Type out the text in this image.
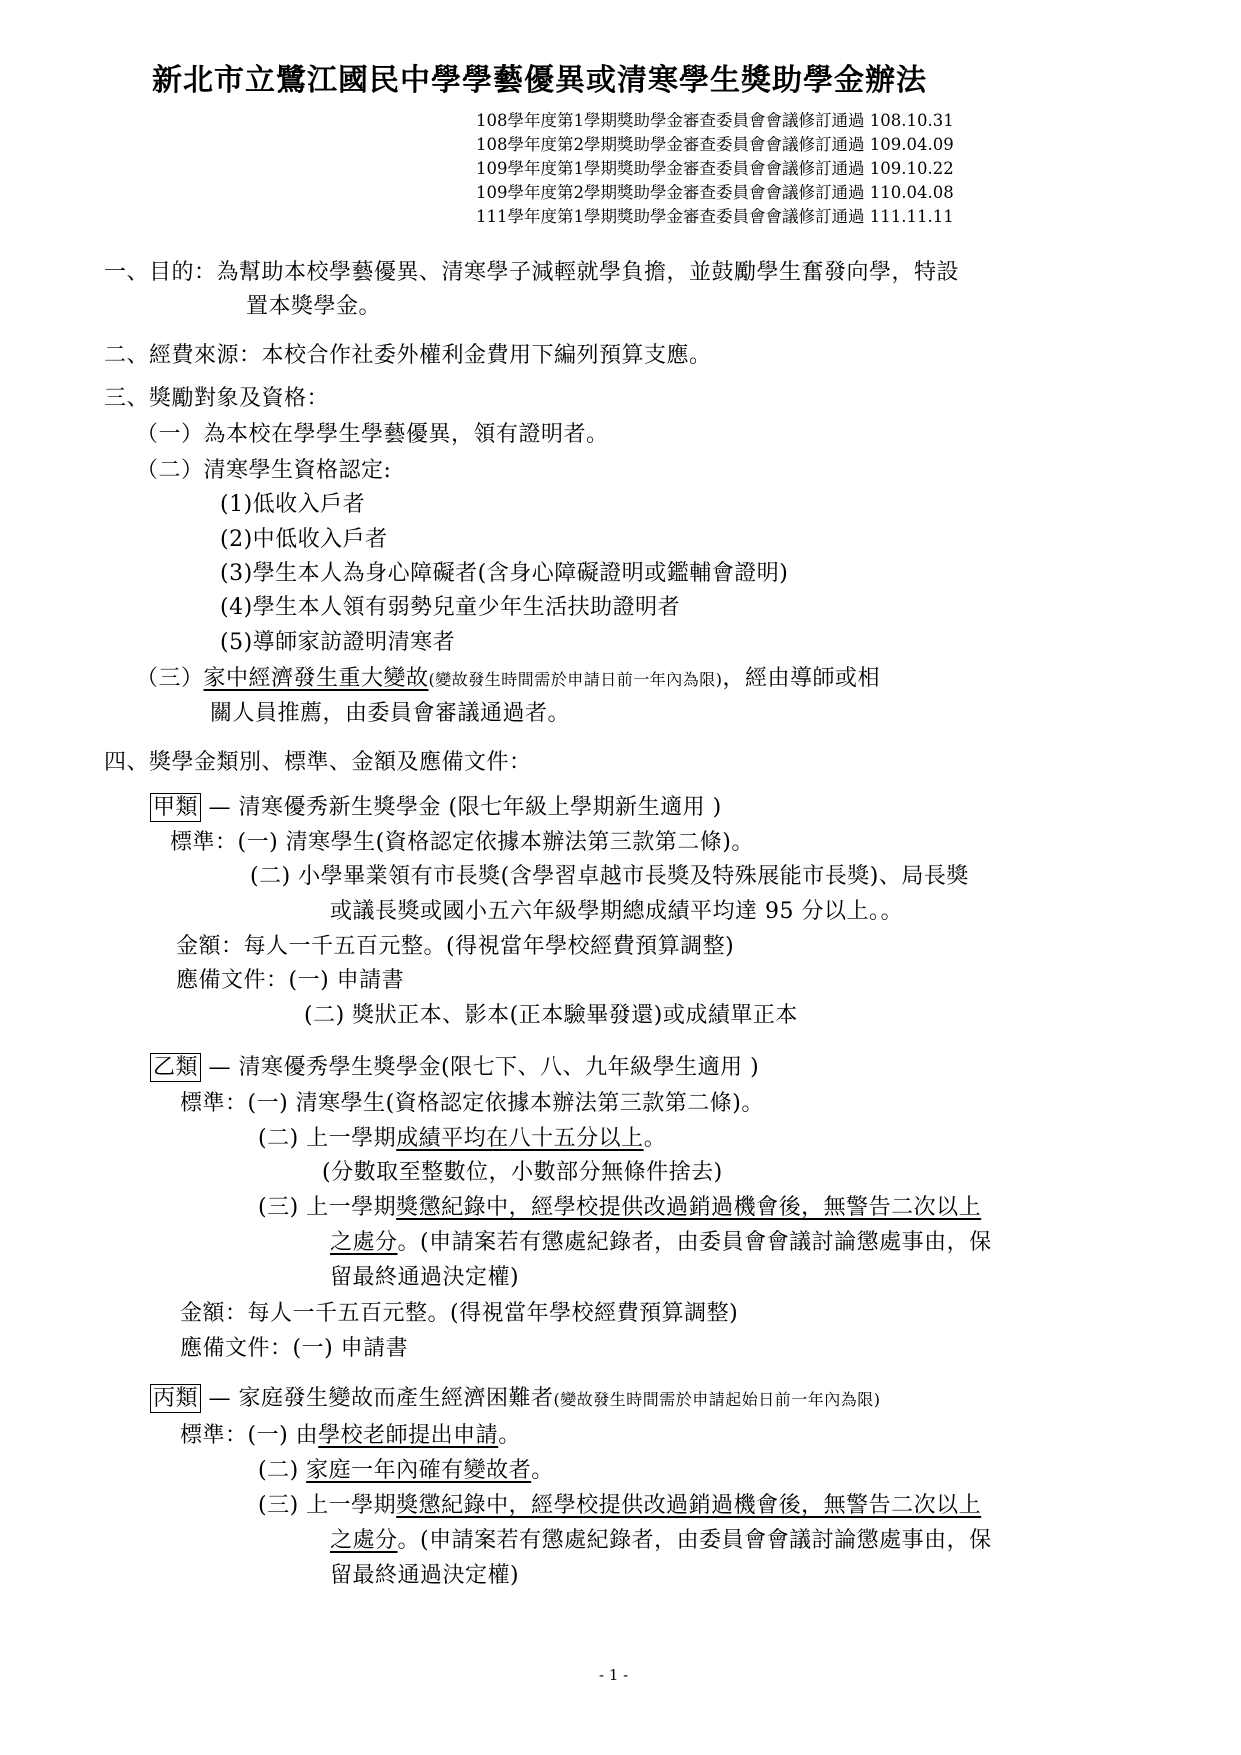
新北市立鷺江國民中學學藝優異或清寒學生獎助學金辦法
108學年度第1學期獎助學金審查委員會會議修訂通過 108.10.31
108學年度第2學期獎助學金審查委員會會議修訂通過 109.04.09
109學年度第1學期獎助學金審查委員會會議修訂通過 109.10.22
109學年度第2學期獎助學金審查委員會會議修訂通過 110.04.08
111學年度第1學期獎助學金審查委員會會議修訂通過 111.11.11
一、目的：為幫助本校學藝優異、清寒學子減輕就學負擔，並鼓勵學生奮發向學，特設
置本獎學金。
二、經費來源：本校合作社委外權利金費用下編列預算支應。
三、獎勵對象及資格：
（一）為本校在學學生學藝優異，領有證明者。
（二）清寒學生資格認定:
(1)低收入戶者
(2)中低收入戶者
(3)學生本人為身心障礙者(含身心障礙證明或鑑輔會證明)
(4)學生本人領有弱勢兒童少年生活扶助證明者
(5)導師家訪證明清寒者
（三）家中經濟發生重大變故(變故發生時間需於申請日前一年內為限)，經由導師或相
關人員推薦，由委員會審議通過者。
四、獎學金類別、標準、金額及應備文件：
甲類 — 清寒優秀新生獎學金 (限七年級上學期新生適用 )
標準：(一) 清寒學生(資格認定依據本辦法第三款第二條)。
(二) 小學畢業領有市長獎(含學習卓越市長獎及特殊展能市長獎)、局長獎
或議長獎或國小五六年級學期總成績平均達 95 分以上。。
金額：每人一千五百元整。(得視當年學校經費預算調整)
應備文件：(一) 申請書
(二) 獎狀正本、影本(正本驗畢發還)或成績單正本
乙類 — 清寒優秀學生獎學金(限七下、八、九年級學生適用 )
標準：(一) 清寒學生(資格認定依據本辦法第三款第二條)。
(二) 上一學期成績平均在八十五分以上。
(分數取至整數位，小數部分無條件捨去)
(三) 上一學期獎懲紀錄中，經學校提供改過銷過機會後，無警告二次以上
之處分。(申請案若有懲處紀錄者，由委員會會議討論懲處事由，保
留最終通過決定權)
金額：每人一千五百元整。(得視當年學校經費預算調整)
應備文件：(一) 申請書
丙類 — 家庭發生變故而產生經濟困難者(變故發生時間需於申請起始日前一年內為限)
標準：(一) 由學校老師提出申請。
(二) 家庭一年內確有變故者。
(三) 上一學期獎懲紀錄中，經學校提供改過銷過機會後，無警告二次以上
之處分。(申請案若有懲處紀錄者，由委員會會議討論懲處事由，保
留最終通過決定權)
- 1 -
